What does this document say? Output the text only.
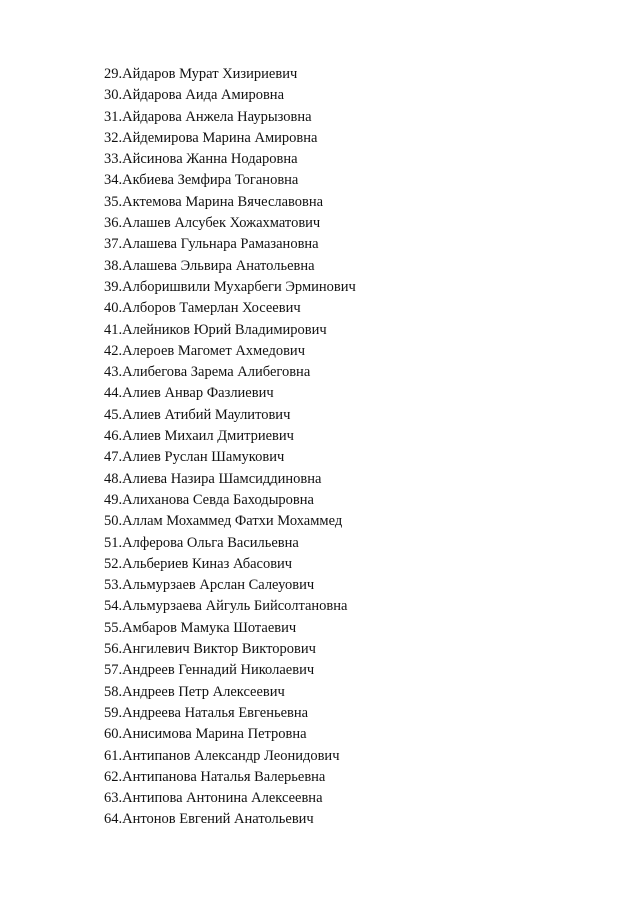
29.Айдаров Мурат Хизириевич
30.Айдарова Аида Амировна
31.Айдарова Анжела Наурызовна
32.Айдемирова Марина Амировна
33.Айсинова Жанна Нодаровна
34.Акбиева Земфира Тогановна
35.Актемова Марина Вячеславовна
36.Алашев Алсубек Хожахматович
37.Алашева Гульнара Рамазановна
38.Алашева Эльвира Анатольевна
39.Алборишвили Мухарбеги Эрминович
40.Алборов Тамерлан Хосеевич
41.Алейников Юрий Владимирович
42.Алероев Магомет Ахмедович
43.Алибегова Зарема Алибеговна
44.Алиев Анвар Фазлиевич
45.Алиев Атибий Маулитович
46.Алиев Михаил Дмитриевич
47.Алиев Руслан Шамукович
48.Алиева Назира Шамсиддиновна
49.Алиханова Севда Баходыровна
50.Аллам Мохаммед Фатхи Мохаммед
51.Алферова Ольга Васильевна
52.Альбериев Киназ Абасович
53.Альмурзаев Арслан Салеуович
54.Альмурзаева Айгуль Бийсолтановна
55.Амбаров Мамука Шотаевич
56.Ангилевич Виктор Викторович
57.Андреев Геннадий Николаевич
58.Андреев Петр Алексеевич
59.Андреева Наталья Евгеньевна
60.Анисимова Марина Петровна
61.Антипанов Александр Леонидович
62.Антипанова Наталья Валерьевна
63.Антипова Антонина Алексеевна
64.Антонов Евгений Анатольевич
